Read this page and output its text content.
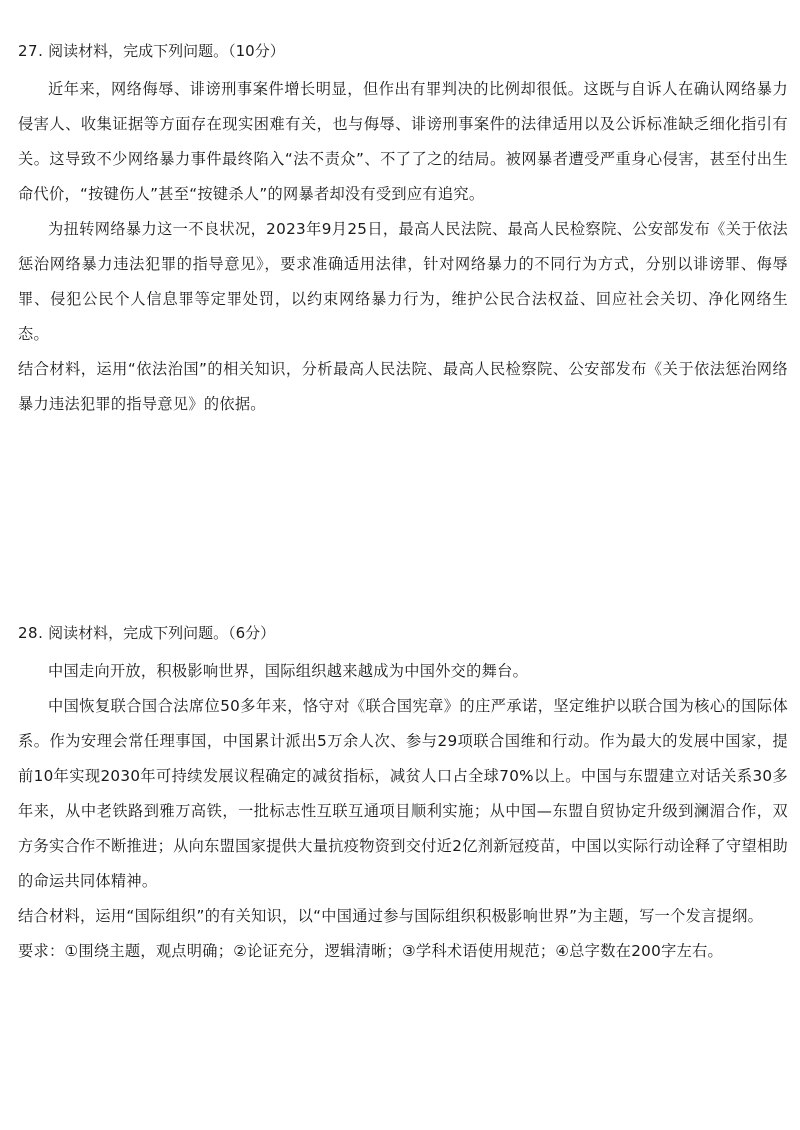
27. 阅读材料，完成下列问题。（10分）

近年来，网络侮辱、诽谤刑事案件增长明显，但作出有罪判决的比例却很低。这既与自诉人在确认网络暴力侵害人、收集证据等方面存在现实困难有关，也与侮辱、诽谤刑事案件的法律适用以及公诉标准缺乏细化指引有关。这导致不少网络暴力事件最终陷入“法不责众”、不了了之的结局。被网暴者遭受严重身心侵害，甚至付出生命代价，“按键伤人”甚至“按键杀人”的网暴者却没有受到应有追究。

为扭转网络暴力这一不良状况，2023年9月25日，最高人民法院、最高人民检察院、公安部发布《关于依法惩治网络暴力违法犯罪的指导意见》，要求准确适用法律，针对网络暴力的不同行为方式，分别以诽谤罪、侮辱罪、侵犯公民个人信息罪等定罪处罚，以约束网络暴力行为，维护公民合法权益、回应社会关切、净化网络生态。

结合材料，运用“依法治国”的相关知识，分析最高人民法院、最高人民检察院、公安部发布《关于依法惩治网络暴力违法犯罪的指导意见》的依据。

28. 阅读材料，完成下列问题。（6分）

中国走向开放，积极影响世界，国际组织越来越成为中国外交的舞台。

中国恢复联合国合法席位50多年来，恪守对《联合国宪章》的庄严承诺，坚定维护以联合国为核心的国际体系。作为安理会常任理事国，中国累计派出5万余人次、参与29项联合国维和行动。作为最大的发展中国家，提前10年实现2030年可持续发展议程确定的减贫指标，减贫人口占全球70%以上。中国与东盟建立对话关系30多年来，从中老铁路到雅万高铁，一批标志性互联互通项目顺利实施；从中国—东盟自贸协定升级到澜湄合作，双方务实合作不断推进；从向东盟国家提供大量抗疫物资到交付近2亿剂新冠疫苗，中国以实际行动诠释了守望相助的命运共同体精神。

结合材料，运用“国际组织”的有关知识，以“中国通过参与国际组织积极影响世界”为主题，写一个发言提纲。

要求：①围绕主题，观点明确；②论证充分，逻辑清晰；③学科术语使用规范；④总字数在200字左右。
